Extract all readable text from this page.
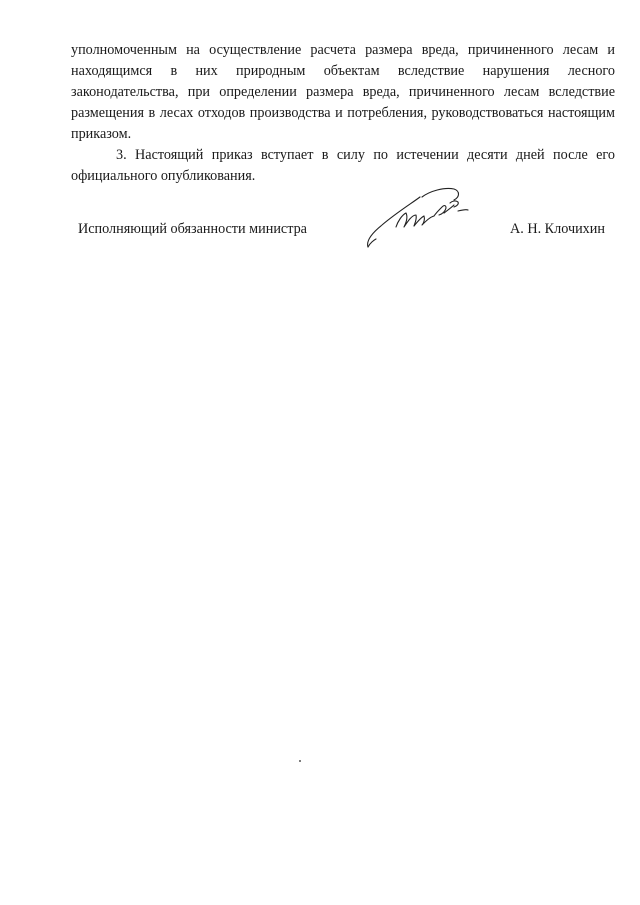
уполномоченным на осуществление расчета размера вреда, причиненного лесам и находящимся в них природным объектам вследствие нарушения лесного законодательства, при определении размера вреда, причиненного лесам вследствие размещения в лесах отходов производства и потребления, руководствоваться настоящим приказом.

3. Настоящий приказ вступает в силу по истечении десяти дней после его официального опубликования.

Исполняющий обязанности министра	А. Н. Клочихин
